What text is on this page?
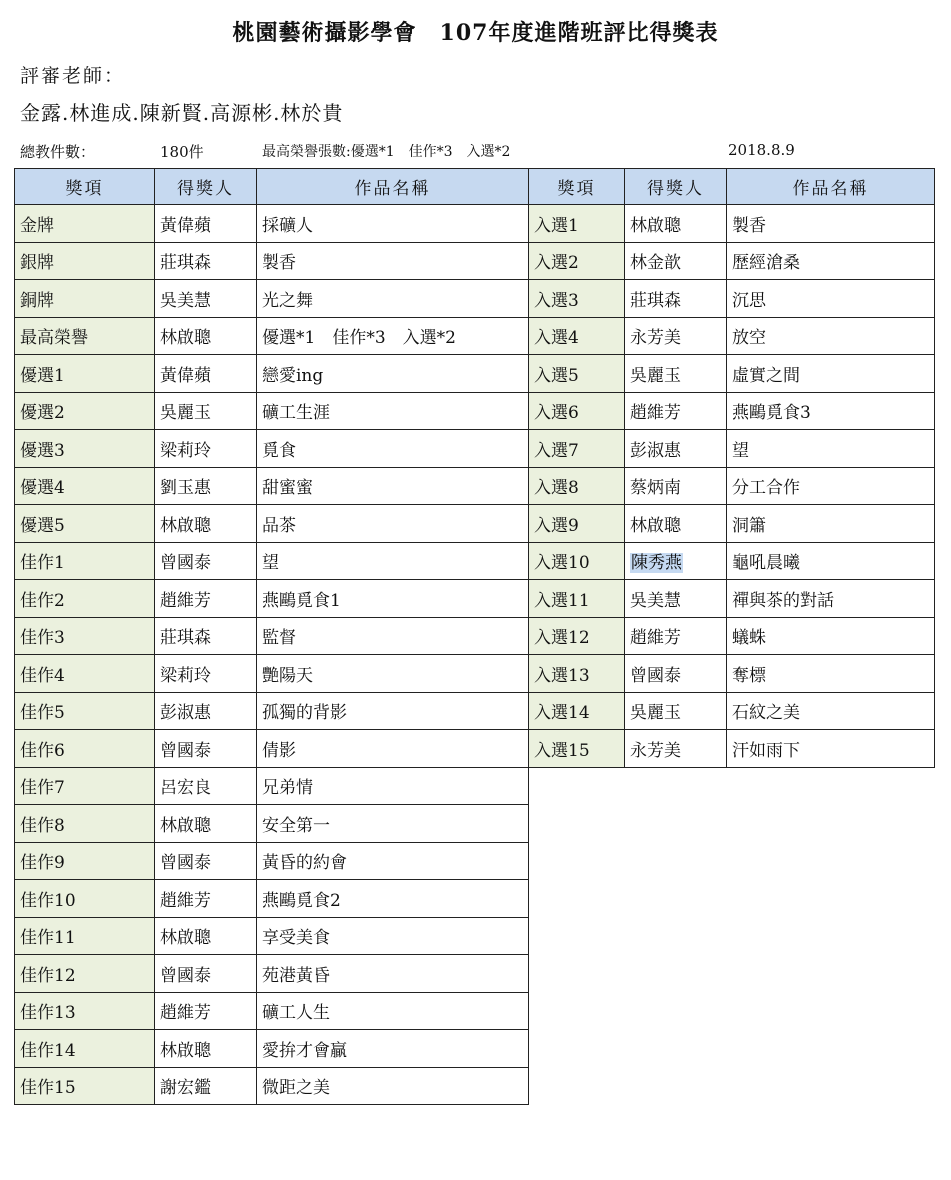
桃園藝術攝影學會　107年度進階班評比得獎表
評審老師：
金露.林進成.陳新賢.高源彬.林於貴
總教件數：	180件	最高榮譽張數:優選*1　佳作*3　入選*2	2018.8.9
獎項	得獎人	作品名稱
金牌	黃偉蘋	採礦人
銀牌	莊琪森	製香
銅牌	吳美慧	光之舞
最高榮譽	林啟聰	優選*1　佳作*3　入選*2
優選1	黃偉蘋	戀愛ing
優選2	吳麗玉	礦工生涯
優選3	梁莉玲	覓食
優選4	劉玉惠	甜蜜蜜
優選5	林啟聰	品茶
佳作1	曾國泰	望
佳作2	趙維芳	燕鷗覓食1
佳作3	莊琪森	監督
佳作4	梁莉玲	艷陽天
佳作5	彭淑惠	孤獨的背影
佳作6	曾國泰	倩影
佳作7	呂宏良	兄弟情
佳作8	林啟聰	安全第一
佳作9	曾國泰	黃昏的約會
佳作10	趙維芳	燕鷗覓食2
佳作11	林啟聰	享受美食
佳作12	曾國泰	苑港黃昏
佳作13	趙維芳	礦工人生
佳作14	林啟聰	愛拚才會贏
佳作15	謝宏鑑	微距之美
獎項	得獎人	作品名稱
入選1	林啟聰	製香
入選2	林金歆	歷經滄桑
入選3	莊琪森	沉思
入選4	永芳美	放空
入選5	吳麗玉	虛實之間
入選6	趙維芳	燕鷗覓食3
入選7	彭淑惠	望
入選8	蔡炳南	分工合作
入選9	林啟聰	洞簫
入選10	陳秀燕	龜吼晨曦
入選11	吳美慧	禪與茶的對話
入選12	趙維芳	蟻蛛
入選13	曾國泰	奪標
入選14	吳麗玉	石紋之美
入選15	永芳美	汗如雨下
